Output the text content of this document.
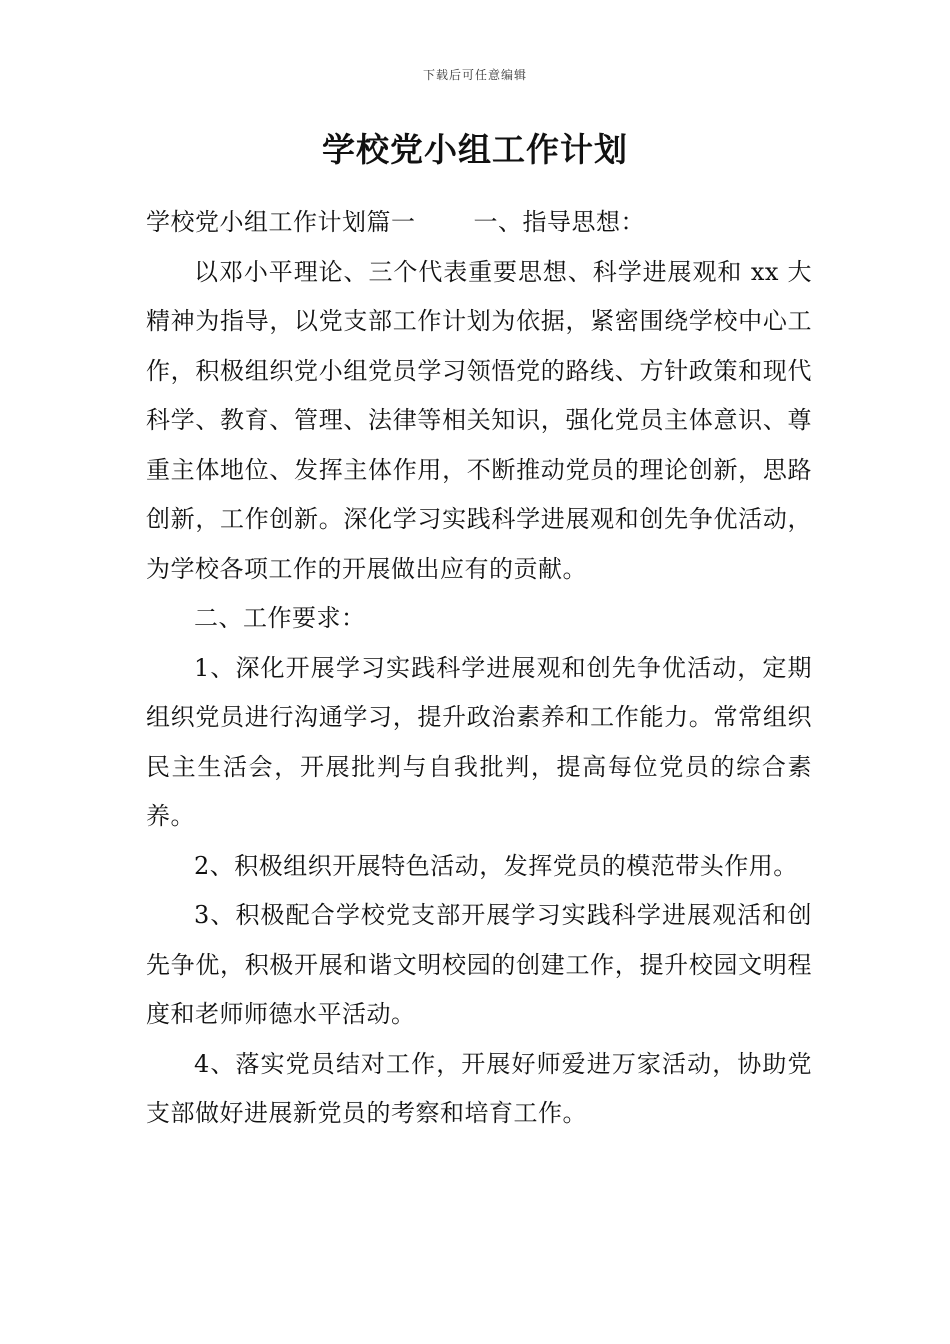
下载后可任意编辑
学校党小组工作计划

学校党小组工作计划篇一 一、指导思想：

以邓小平理论、三个代表重要思想、科学进展观和 xx 大精神为指导，以党支部工作计划为依据，紧密围绕学校中心工作，积极组织党小组党员学习领悟党的路线、方针政策和现代科学、教育、管理、法律等相关知识，强化党员主体意识、尊重主体地位、发挥主体作用，不断推动党员的理论创新，思路创新，工作创新。深化学习实践科学进展观和创先争优活动，为学校各项工作的开展做出应有的贡献。

二、工作要求：

1、深化开展学习实践科学进展观和创先争优活动，定期组织党员进行沟通学习，提升政治素养和工作能力。常常组织民主生活会，开展批判与自我批判，提高每位党员的综合素养。

2、积极组织开展特色活动，发挥党员的模范带头作用。

3、积极配合学校党支部开展学习实践科学进展观活和创先争优，积极开展和谐文明校园的创建工作，提升校园文明程度和老师师德水平活动。

4、落实党员结对工作，开展好师爱进万家活动，协助党支部做好进展新党员的考察和培育工作。
